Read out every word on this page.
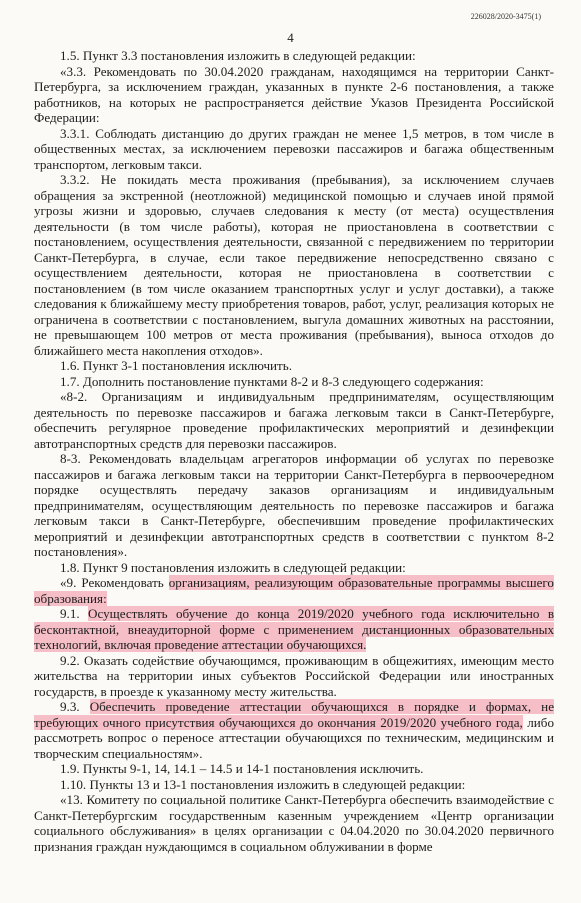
226028/2020-3475(1)
4

1.5. Пункт 3.3 постановления изложить в следующей редакции:

«3.3. Рекомендовать по 30.04.2020 гражданам, находящимся на территории Санкт-Петербурга, за исключением граждан, указанных в пункте 2-6 постановления, а также работников, на которых не распространяется действие Указов Президента Российской Федерации:

3.3.1. Соблюдать дистанцию до других граждан не менее 1,5 метров, в том числе в общественных местах, за исключением перевозки пассажиров и багажа общественным транспортом, легковым такси.

3.3.2. Не покидать места проживания (пребывания), за исключением случаев обращения за экстренной (неотложной) медицинской помощью и случаев иной прямой угрозы жизни и здоровью, случаев следования к месту (от места) осуществления деятельности (в том числе работы), которая не приостановлена в соответствии с постановлением, осуществления деятельности, связанной с передвижением по территории Санкт-Петербурга, в случае, если такое передвижение непосредственно связано с осуществлением деятельности, которая не приостановлена в соответствии с постановлением (в том числе оказанием транспортных услуг и услуг доставки), а также следования к ближайшему месту приобретения товаров, работ, услуг, реализация которых не ограничена в соответствии с постановлением, выгула домашних животных на расстоянии, не превышающем 100 метров от места проживания (пребывания), выноса отходов до ближайшего места накопления отходов».

1.6. Пункт 3-1 постановления исключить.

1.7. Дополнить постановление пунктами 8-2 и 8-3 следующего содержания:

«8-2. Организациям и индивидуальным предпринимателям, осуществляющим деятельность по перевозке пассажиров и багажа легковым такси в Санкт-Петербурге, обеспечить регулярное проведение профилактических мероприятий и дезинфекции автотранспортных средств для перевозки пассажиров.

8-3. Рекомендовать владельцам агрегаторов информации об услугах по перевозке пассажиров и багажа легковым такси на территории Санкт-Петербурга в первоочередном порядке осуществлять передачу заказов организациям и индивидуальным предпринимателям, осуществляющим деятельность по перевозке пассажиров и багажа легковым такси в Санкт-Петербурге, обеспечившим проведение профилактических мероприятий и дезинфекции автотранспортных средств в соответствии с пунктом 8-2 постановления».

1.8. Пункт 9 постановления изложить в следующей редакции:

«9. Рекомендовать организациям, реализующим образовательные программы высшего образования:

9.1. Осуществлять обучение до конца 2019/2020 учебного года исключительно в бесконтактной, внеаудиторной форме с применением дистанционных образовательных технологий, включая проведение аттестации обучающихся.

9.2. Оказать содействие обучающимся, проживающим в общежитиях, имеющим место жительства на территории иных субъектов Российской Федерации или иностранных государств, в проезде к указанному месту жительства.

9.3. Обеспечить проведение аттестации обучающихся в порядке и формах, не требующих очного присутствия обучающихся до окончания 2019/2020 учебного года, либо рассмотреть вопрос о переносе аттестации обучающихся по техническим, медицинским и творческим специальностям».

1.9. Пункты 9-1, 14, 14.1 – 14.5 и 14-1 постановления исключить.

1.10. Пункты 13 и 13-1 постановления изложить в следующей редакции:

«13. Комитету по социальной политике Санкт-Петербурга обеспечить взаимодействие с Санкт-Петербургским государственным казенным учреждением «Центр организации социального обслуживания» в целях организации с 04.04.2020 по 30.04.2020 первичного признания граждан нуждающимся в социальном облуживании в форме
